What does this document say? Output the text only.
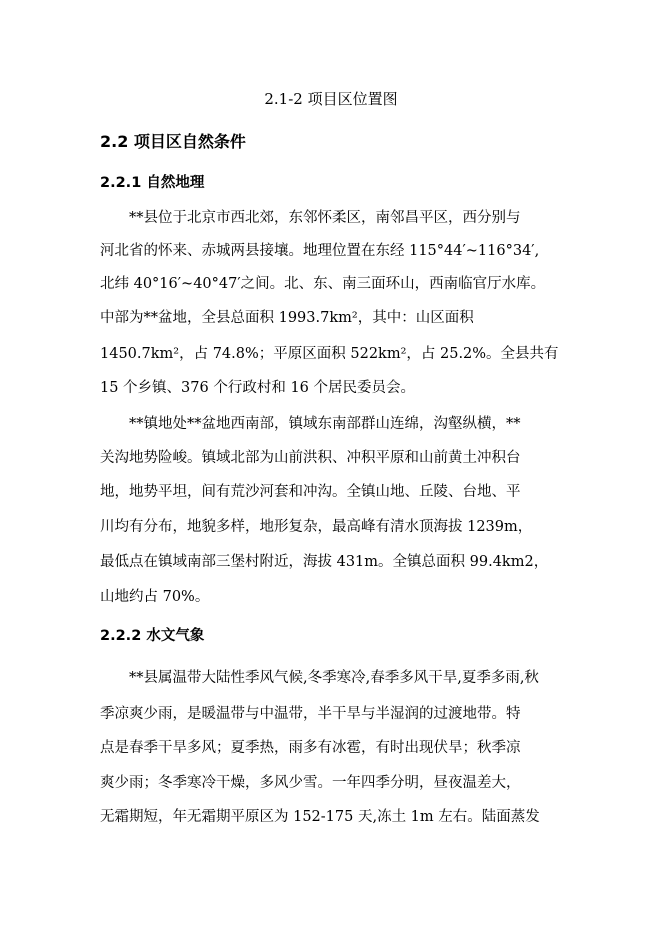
2.1-2 项目区位置图
2.2 项目区自然条件
2.2.1 自然地理
**县位于北京市西北郊，东邻怀柔区，南邻昌平区，西分别与
河北省的怀来、赤城两县接壤。地理位置在东经 115°44′~116°34′,
北纬 40°16′~40°47′之间。北、东、南三面环山，西南临官厅水库。
中部为**盆地，全县总面积 1993.7km²，其中：山区面积
1450.7km²，占 74.8%；平原区面积 522km²，占 25.2%。全县共有
15 个乡镇、376 个行政村和 16 个居民委员会。
**镇地处**盆地西南部，镇域东南部群山连绵，沟壑纵横，**
关沟地势险峻。镇域北部为山前洪积、冲积平原和山前黄土冲积台
地，地势平坦，间有荒沙河套和冲沟。全镇山地、丘陵、台地、平
川均有分布，地貌多样，地形复杂，最高峰有清水顶海拔 1239m，
最低点在镇域南部三堡村附近，海拔 431m。全镇总面积 99.4km2，
山地约占 70%。
2.2.2 水文气象
**县属温带大陆性季风气候,冬季寒冷,春季多风干旱,夏季多雨,秋
季凉爽少雨，是暖温带与中温带，半干旱与半湿润的过渡地带。特
点是春季干旱多风；夏季热，雨多有冰雹，有时出现伏旱；秋季凉
爽少雨；冬季寒冷干燥，多风少雪。一年四季分明，昼夜温差大，
无霜期短，年无霜期平原区为 152-175 天,冻土 1m 左右。陆面蒸发
